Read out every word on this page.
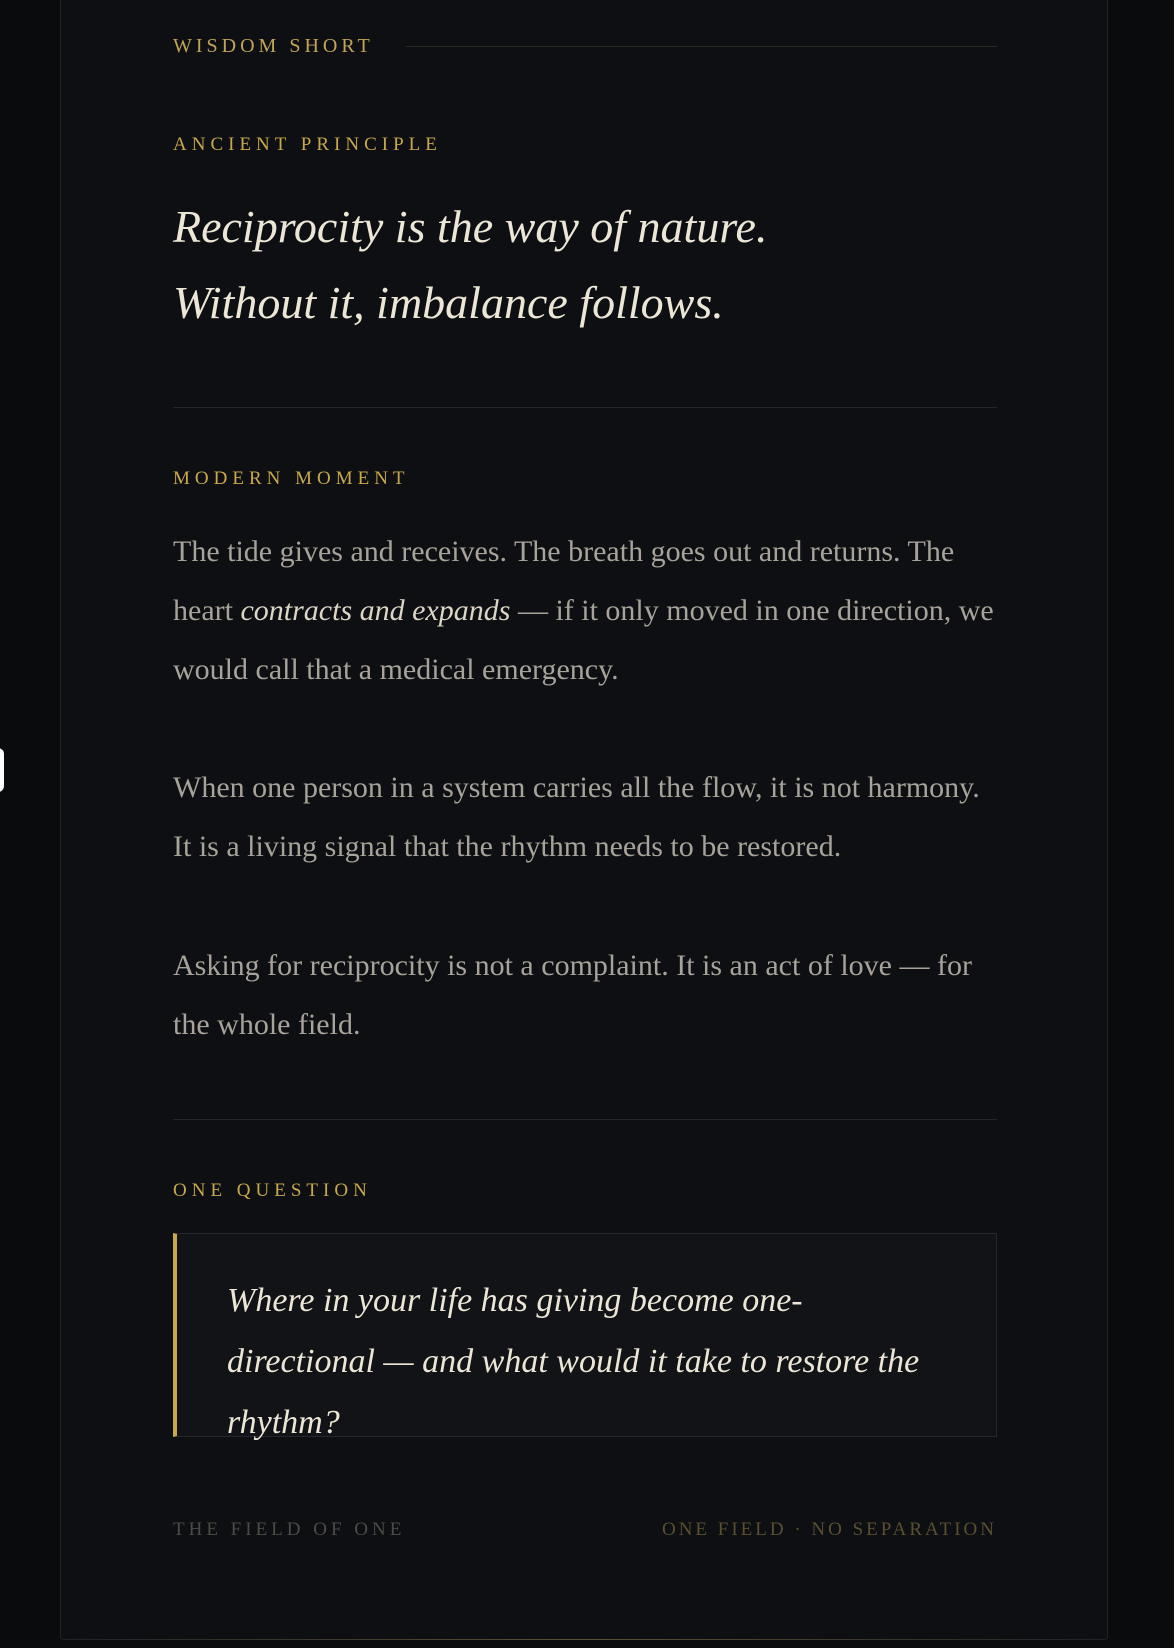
WISDOM SHORT
ANCIENT PRINCIPLE

Reciprocity is the way of nature.

Without it, imbalance follows.

MODERN MOMENT

The tide gives and receives. The breath goes out and returns. The heart contracts and expands — if it only moved in one direction, we would call that a medical emergency.

When one person in a system carries all the flow, it is not harmony. It is a living signal that the rhythm needs to be restored.

Asking for reciprocity is not a complaint. It is an act of love — for the whole field.

ONE QUESTION

Where in your life has giving become one-directional — and what would it take to restore the rhythm?

THE FIELD OF ONE	ONE FIELD · NO SEPARATION
